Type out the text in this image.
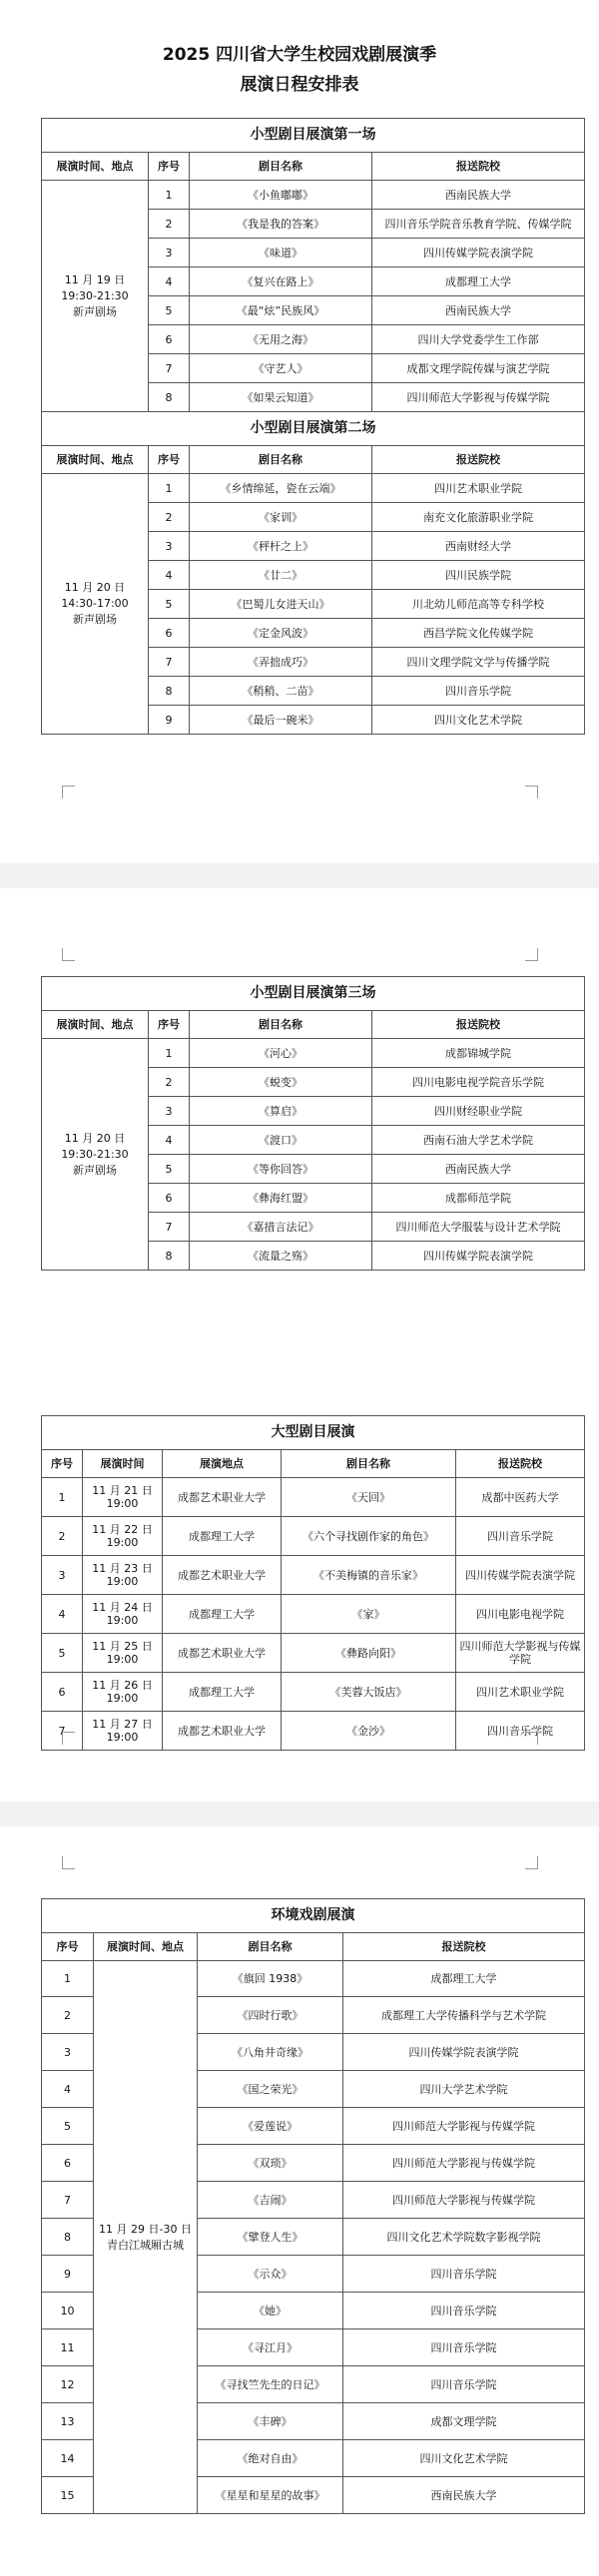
2025 四川省大学生校园戏剧展演季
展演日程安排表
小型剧目展演第一场			
展演时间、地点	序号	剧目名称	报送院校

11 月 19 日
19:30-21:30
新声剧场	1	《小鱼嘟嘟》	西南民族大学
	2	《我是我的答案》	四川音乐学院音乐教育学院、传媒学院
	3	《味道》	四川传媒学院表演学院
	4	《复兴在路上》	成都理工大学
	5	《最“炫”民族风》	西南民族大学
	6	《无用之海》	四川大学党委学生工作部
	7	《守艺人》	成都文理学院传媒与演艺学院
	8	《如果云知道》	四川师范大学影视与传媒学院
小型剧目展演第二场			
展演时间、地点	序号	剧目名称	报送院校

11 月 20 日
14:30-17:00
新声剧场	1	《乡情绵延，瓷在云端》	四川艺术职业学院
	2	《家训》	南充文化旅游职业学院
	3	《秤杆之上》	西南财经大学
	4	《廿二》	四川民族学院
	5	《巴蜀儿女进天山》	川北幼儿师范高等专科学校
	6	《定金风波》	西昌学院文化传媒学院
	7	《弄拙成巧》	四川文理学院文学与传播学院
	8	《稍稍、二苗》	四川音乐学院
	9	《最后一碗米》	四川文化艺术学院
小型剧目展演第三场			
展演时间、地点	序号	剧目名称	报送院校

11 月 20 日
19:30-21:30
新声剧场	1	《河心》	成都锦城学院
	2	《蜕变》	四川电影电视学院音乐学院
	3	《算启》	四川财经职业学院
	4	《渡口》	西南石油大学艺术学院
	5	《等你回答》	西南民族大学
	6	《彝海红盟》	成都师范学院
	7	《嘉措言法记》	四川师范大学服装与设计艺术学院
	8	《流量之殇》	四川传媒学院表演学院
大型剧目展演				
序号	展演时间	展演地点	剧目名称	报送院校
1	11 月 21 日
19:00	成都艺术职业大学	《天回》	成都中医药大学
2	11 月 22 日
19:00	成都理工大学	《六个寻找剧作家的角色》	四川音乐学院
3	11 月 23 日
19:00	成都艺术职业大学	《不美梅镇的音乐家》	四川传媒学院表演学院
4	11 月 24 日
19:00	成都理工大学	《家》	四川电影电视学院
5	11 月 25 日
19:00	成都艺术职业大学	《彝路向阳》	四川师范大学影视与传媒学院
6	11 月 26 日
19:00	成都理工大学	《芙蓉大饭店》	四川艺术职业学院
7	11 月 27 日
19:00	成都艺术职业大学	《金沙》	四川音乐学院
环境戏剧展演			
序号	展演时间、地点	剧目名称	报送院校
1	11 月 29 日-30 日
青白江城厢古城	《旗回 1938》	成都理工大学
2		《四时行歌》	成都理工大学传播科学与艺术学院
3		《八角井奇缘》	四川传媒学院表演学院
4		《国之荣光》	四川大学艺术学院
5		《爱莲说》	四川师范大学影视与传媒学院
6		《双琐》	四川师范大学影视与传媒学院
7		《吉闹》	四川师范大学影视与传媒学院
8		《擘登人生》	四川文化艺术学院数字影视学院
9		《示众》	四川音乐学院
10		《她》	四川音乐学院
11		《寻江月》	四川音乐学院
12		《寻找竺先生的日记》	四川音乐学院
13		《丰碑》	成都文理学院
14		《绝对自由》	四川文化艺术学院
15		《星星和星星的故事》	西南民族大学
